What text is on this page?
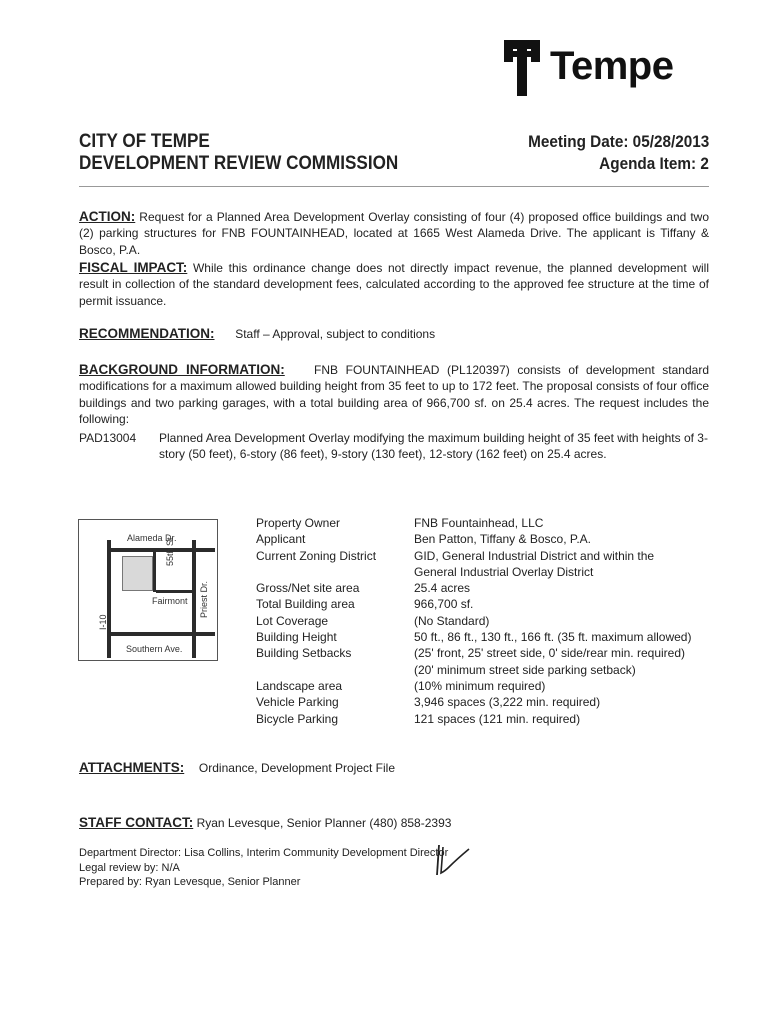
Tempe
CITY OF TEMPE
DEVELOPMENT REVIEW COMMISSION
Meeting Date: 05/28/2013
Agenda Item: 2
ACTION: Request for a Planned Area Development Overlay consisting of four (4) proposed office buildings and two (2) parking structures for FNB FOUNTAINHEAD, located at 1665 West Alameda Drive. The applicant is Tiffany & Bosco, P.A.
FISCAL IMPACT: While this ordinance change does not directly impact revenue, the planned development will result in collection of the standard development fees, calculated according to the approved fee structure at the time of permit issuance.
RECOMMENDATION: Staff – Approval, subject to conditions
BACKGROUND INFORMATION: FNB FOUNTAINHEAD (PL120397) consists of development standard modifications for a maximum allowed building height from 35 feet to up to 172 feet. The proposal consists of four office buildings and two parking garages, with a total building area of 966,700 sf. on 25.4 acres. The request includes the following:
PAD13004 Planned Area Development Overlay modifying the maximum building height of 35 feet with heights of 3-story (50 feet), 6-story (86 feet), 9-story (130 feet), 12-story (162 feet) on 25.4 acres.
Alameda Dr.
55th St
Fairmont Priest Dr.
I-10
Southern Ave.
Property Owner
Applicant
Current Zoning District
Gross/Net site area
Total Building area
Lot Coverage
Building Height
Building Setbacks
Landscape area
Vehicle Parking
Bicycle Parking
FNB Fountainhead, LLC
Ben Patton, Tiffany & Bosco, P.A.
GID, General Industrial District and within the
General Industrial Overlay District
25.4 acres
966,700 sf.
(No Standard)
50 ft., 86 ft., 130 ft., 166 ft. (35 ft. maximum allowed)
(25' front, 25' street side, 0' side/rear min. required)
(20' minimum street side parking setback)
(10% minimum required)
3,946 spaces (3,222 min. required)
121 spaces (121 min. required)
ATTACHMENTS: Ordinance, Development Project File
STAFF CONTACT: Ryan Levesque, Senior Planner (480) 858-2393
Department Director: Lisa Collins, Interim Community Development Director
Legal review by: N/A
Prepared by: Ryan Levesque, Senior Planner
